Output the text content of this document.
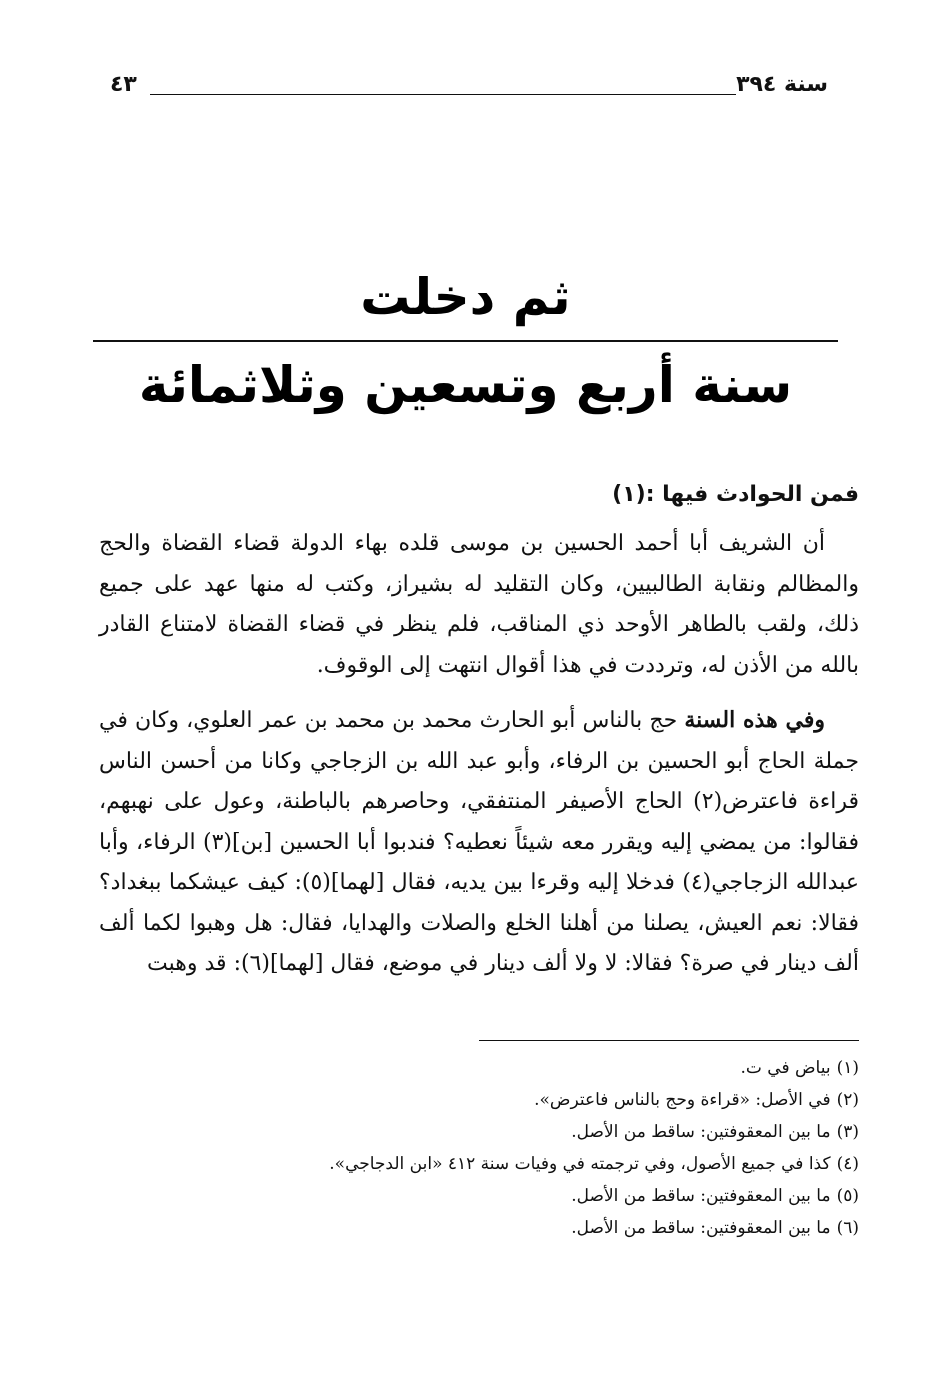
سنة ٣٩٤
٤٣
ثم دخلت
سنة أربع وتسعين وثلاثمائة
فمن الحوادث فيها :(١)

أن الشريف أبا أحمد الحسين بن موسى قلده بهاء الدولة قضاء القضاة والحج والمظالم ونقابة الطالبيين، وكان التقليد له بشيراز، وكتب له منها عهد على جميع ذلك، ولقب بالطاهر الأوحد ذي المناقب، فلم ينظر في قضاء القضاة لامتناع القادر بالله من الأذن له، وترددت في هذا أقوال انتهت إلى الوقوف.

وفي هذه السنة حج بالناس أبو الحارث محمد بن محمد بن عمر العلوي، وكان في جملة الحاج أبو الحسين بن الرفاء، وأبو عبد الله بن الزجاجي وكانا من أحسن الناس قراءة فاعترض(٢) الحاج الأصيفر المنتفقي، وحاصرهم بالباطنة، وعول على نهبهم، فقالوا: من يمضي إليه ويقرر معه شيئاً نعطيه؟ فندبوا أبا الحسين [بن](٣) الرفاء، وأبا عبدالله الزجاجي(٤) فدخلا إليه وقرءا بين يديه، فقال [لهما](٥): كيف عيشكما ببغداد؟ فقالا: نعم العيش، يصلنا من أهلنا الخلع والصلات والهدايا، فقال: هل وهبوا لكما ألف ألف دينار في صرة؟ فقالا: لا ولا ألف دينار في موضع، فقال [لهما](٦): قد وهبت

(١)بياض في ت.
(٢)في الأصل: «قراءة وحج بالناس فاعترض».
(٣)ما بين المعقوفتين: ساقط من الأصل.
(٤)كذا في جميع الأصول، وفي ترجمته في وفيات سنة ٤١٢ «ابن الدجاجي».
(٥)ما بين المعقوفتين: ساقط من الأصل.
(٦)ما بين المعقوفتين: ساقط من الأصل.
